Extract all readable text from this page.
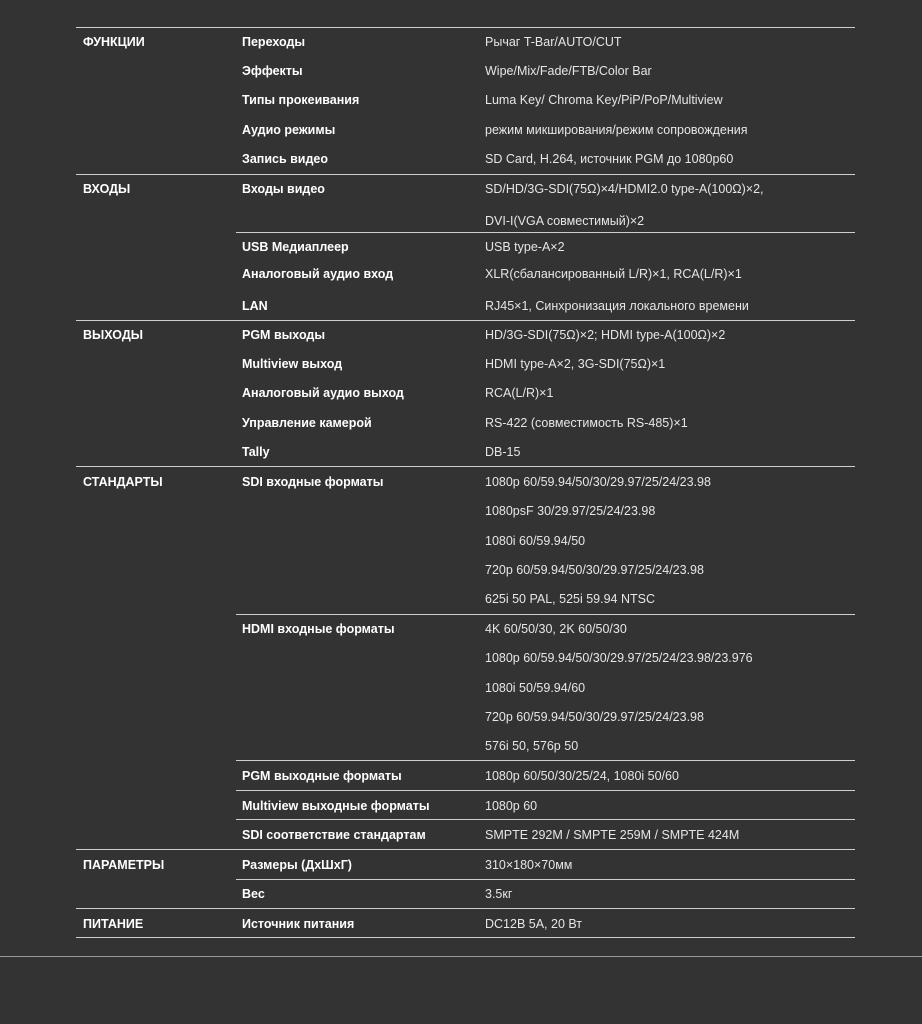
ФУНКЦИИ	Переходы	Рычаг T-Bar/AUTO/CUT
Эффекты	Wipe/Mix/Fade/FTB/Color Bar
Типы прокеивания	Luma Key/ Chroma Key/PiP/PoP/Multiview
Аудио режимы	режим микширования/режим сопровождения
Запись видео	SD Card, H.264, источник PGM до 1080p60
ВХОДЫ	Входы видео	SD/HD/3G-SDI(75Ω)×4/HDMI2.0 type-A(100Ω)×2,
DVI-I(VGA совместимый)×2
USB Медиаплеер	USB type-A×2
Аналоговый аудио вход	XLR(сбалансированный L/R)×1, RCA(L/R)×1
LAN	RJ45×1, Синхронизация локального времени
ВЫХОДЫ	PGM выходы	HD/3G-SDI(75Ω)×2; HDMI type-A(100Ω)×2
Multiview выход	HDMI type-A×2, 3G-SDI(75Ω)×1
Аналоговый аудио выход	RCA(L/R)×1
Управление камерой	RS-422 (совместимость RS-485)×1
Tally	DB-15
СТАНДАРТЫ	SDI входные форматы	1080p 60/59.94/50/30/29.97/25/24/23.98
1080psF 30/29.97/25/24/23.98
1080i 60/59.94/50
720p 60/59.94/50/30/29.97/25/24/23.98
625i 50 PAL, 525i 59.94 NTSC
HDMI входные форматы	4K 60/50/30, 2K 60/50/30
1080p 60/59.94/50/30/29.97/25/24/23.98/23.976
1080i 50/59.94/60
720p 60/59.94/50/30/29.97/25/24/23.98
576i 50, 576p 50
PGM выходные форматы	1080p 60/50/30/25/24, 1080i 50/60
Multiview выходные форматы	1080p 60
SDI соответствие стандартам	SMPTE 292M / SMPTE 259M / SMPTE 424M
ПАРАМЕТРЫ	Размеры (ДхШхГ)	310×180×70мм
Вес	3.5кг
ПИТАНИЕ	Источник питания	DC12В 5А, 20 Вт
